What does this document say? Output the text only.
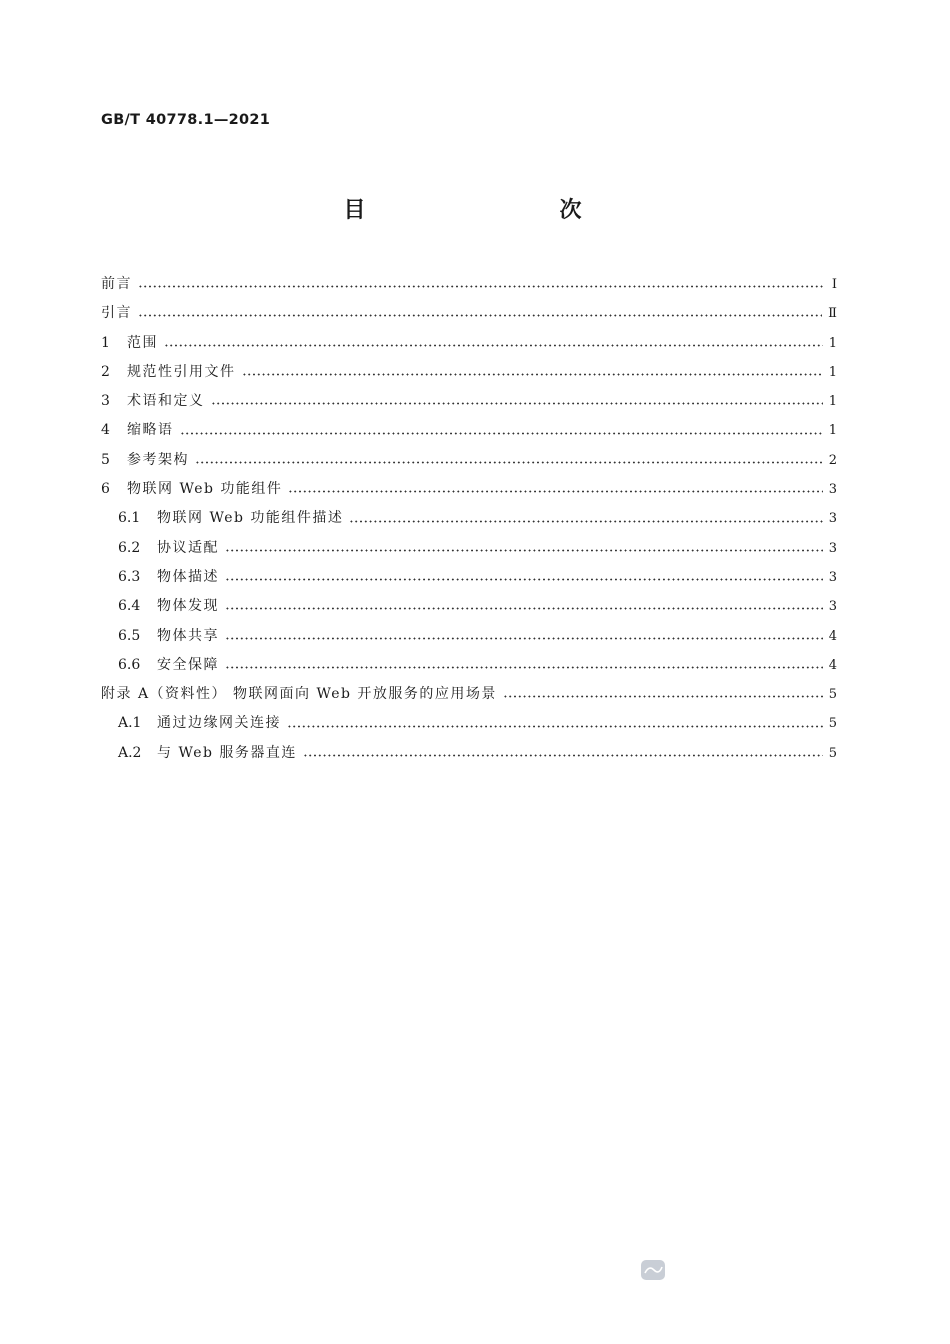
GB/T 40778.1—2021
目　　次
前言	Ⅰ
引言	Ⅱ
1	范围	1
2	规范性引用文件	1
3	术语和定义	1
4	缩略语	1
5	参考架构	2
6	物联网 Web 功能组件	3
6.1	物联网 Web 功能组件描述	3
6.2	协议适配	3
6.3	物体描述	3
6.4	物体发现	3
6.5	物体共享	4
6.6	安全保障	4
附录 A（资料性） 物联网面向 Web 开放服务的应用场景	5
A.1	通过边缘网关连接	5
A.2	与 Web 服务器直连	5
